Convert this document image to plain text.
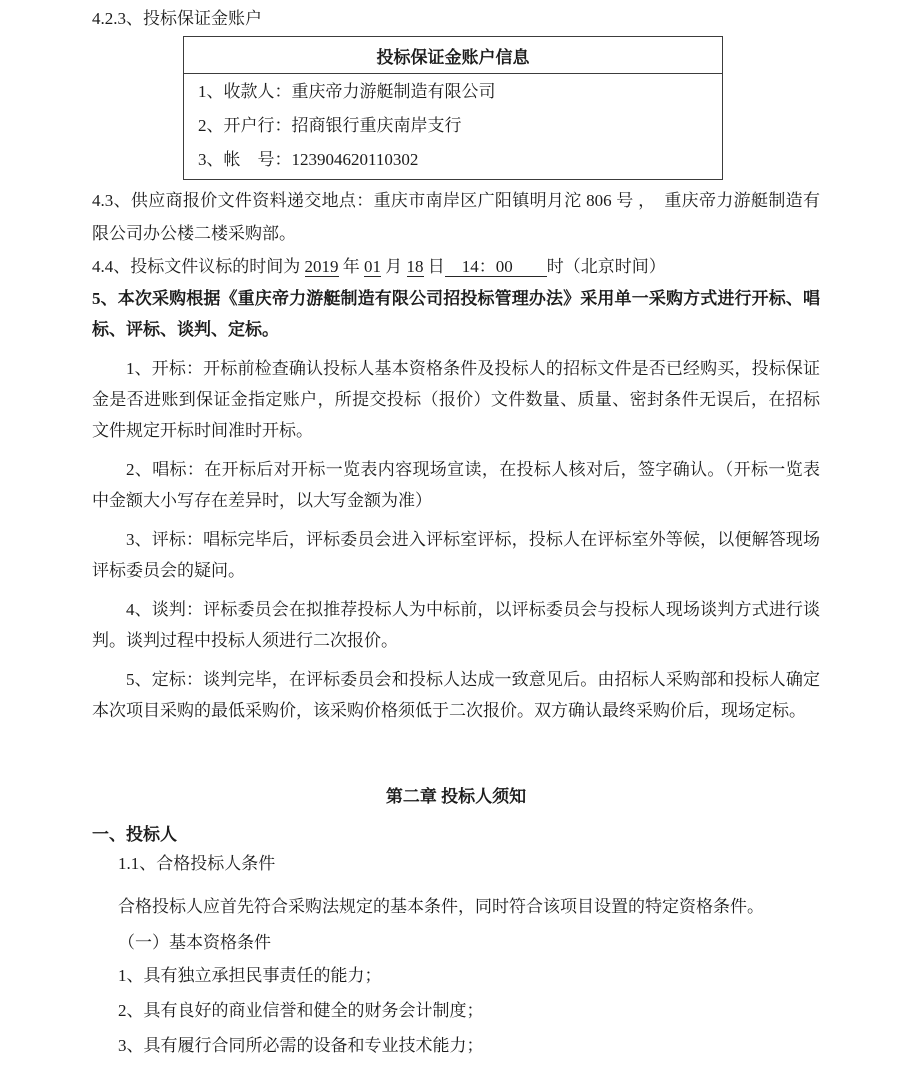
4.2.3、投标保证金账户

投标保证金账户信息

1、收款人：重庆帝力游艇制造有限公司

2、开户行：招商银行重庆南岸支行

3、帐　号：123904620110302

4.3、供应商报价文件资料递交地点：重庆市南岸区广阳镇明月沱 806 号 ，　重庆帝力游艇制造有限公司办公楼二楼采购部。

4.4、投标文件议标的时间为 2019 年 01 月 18 日　14：00　　时（北京时间）

5、本次采购根据《重庆帝力游艇制造有限公司招投标管理办法》采用单一采购方式进行开标、唱标、评标、谈判、定标。

1、开标：开标前检查确认投标人基本资格条件及投标人的招标文件是否已经购买，投标保证金是否进账到保证金指定账户，所提交投标（报价）文件数量、质量、密封条件无误后，在招标文件规定开标时间准时开标。

2、唱标：在开标后对开标一览表内容现场宣读，在投标人核对后，签字确认。（开标一览表中金额大小写存在差异时，以大写金额为准）

3、评标：唱标完毕后，评标委员会进入评标室评标，投标人在评标室外等候，以便解答现场评标委员会的疑问。

4、谈判：评标委员会在拟推荐投标人为中标前，以评标委员会与投标人现场谈判方式进行谈判。谈判过程中投标人须进行二次报价。

5、定标：谈判完毕，在评标委员会和投标人达成一致意见后。由招标人采购部和投标人确定本次项目采购的最低采购价，该采购价格须低于二次报价。双方确认最终采购价后，现场定标。

第二章 投标人须知

一、投标人

1.1、合格投标人条件

合格投标人应首先符合采购法规定的基本条件，同时符合该项目设置的特定资格条件。

（一）基本资格条件

1、具有独立承担民事责任的能力；

2、具有良好的商业信誉和健全的财务会计制度；

3、具有履行合同所必需的设备和专业技术能力；
